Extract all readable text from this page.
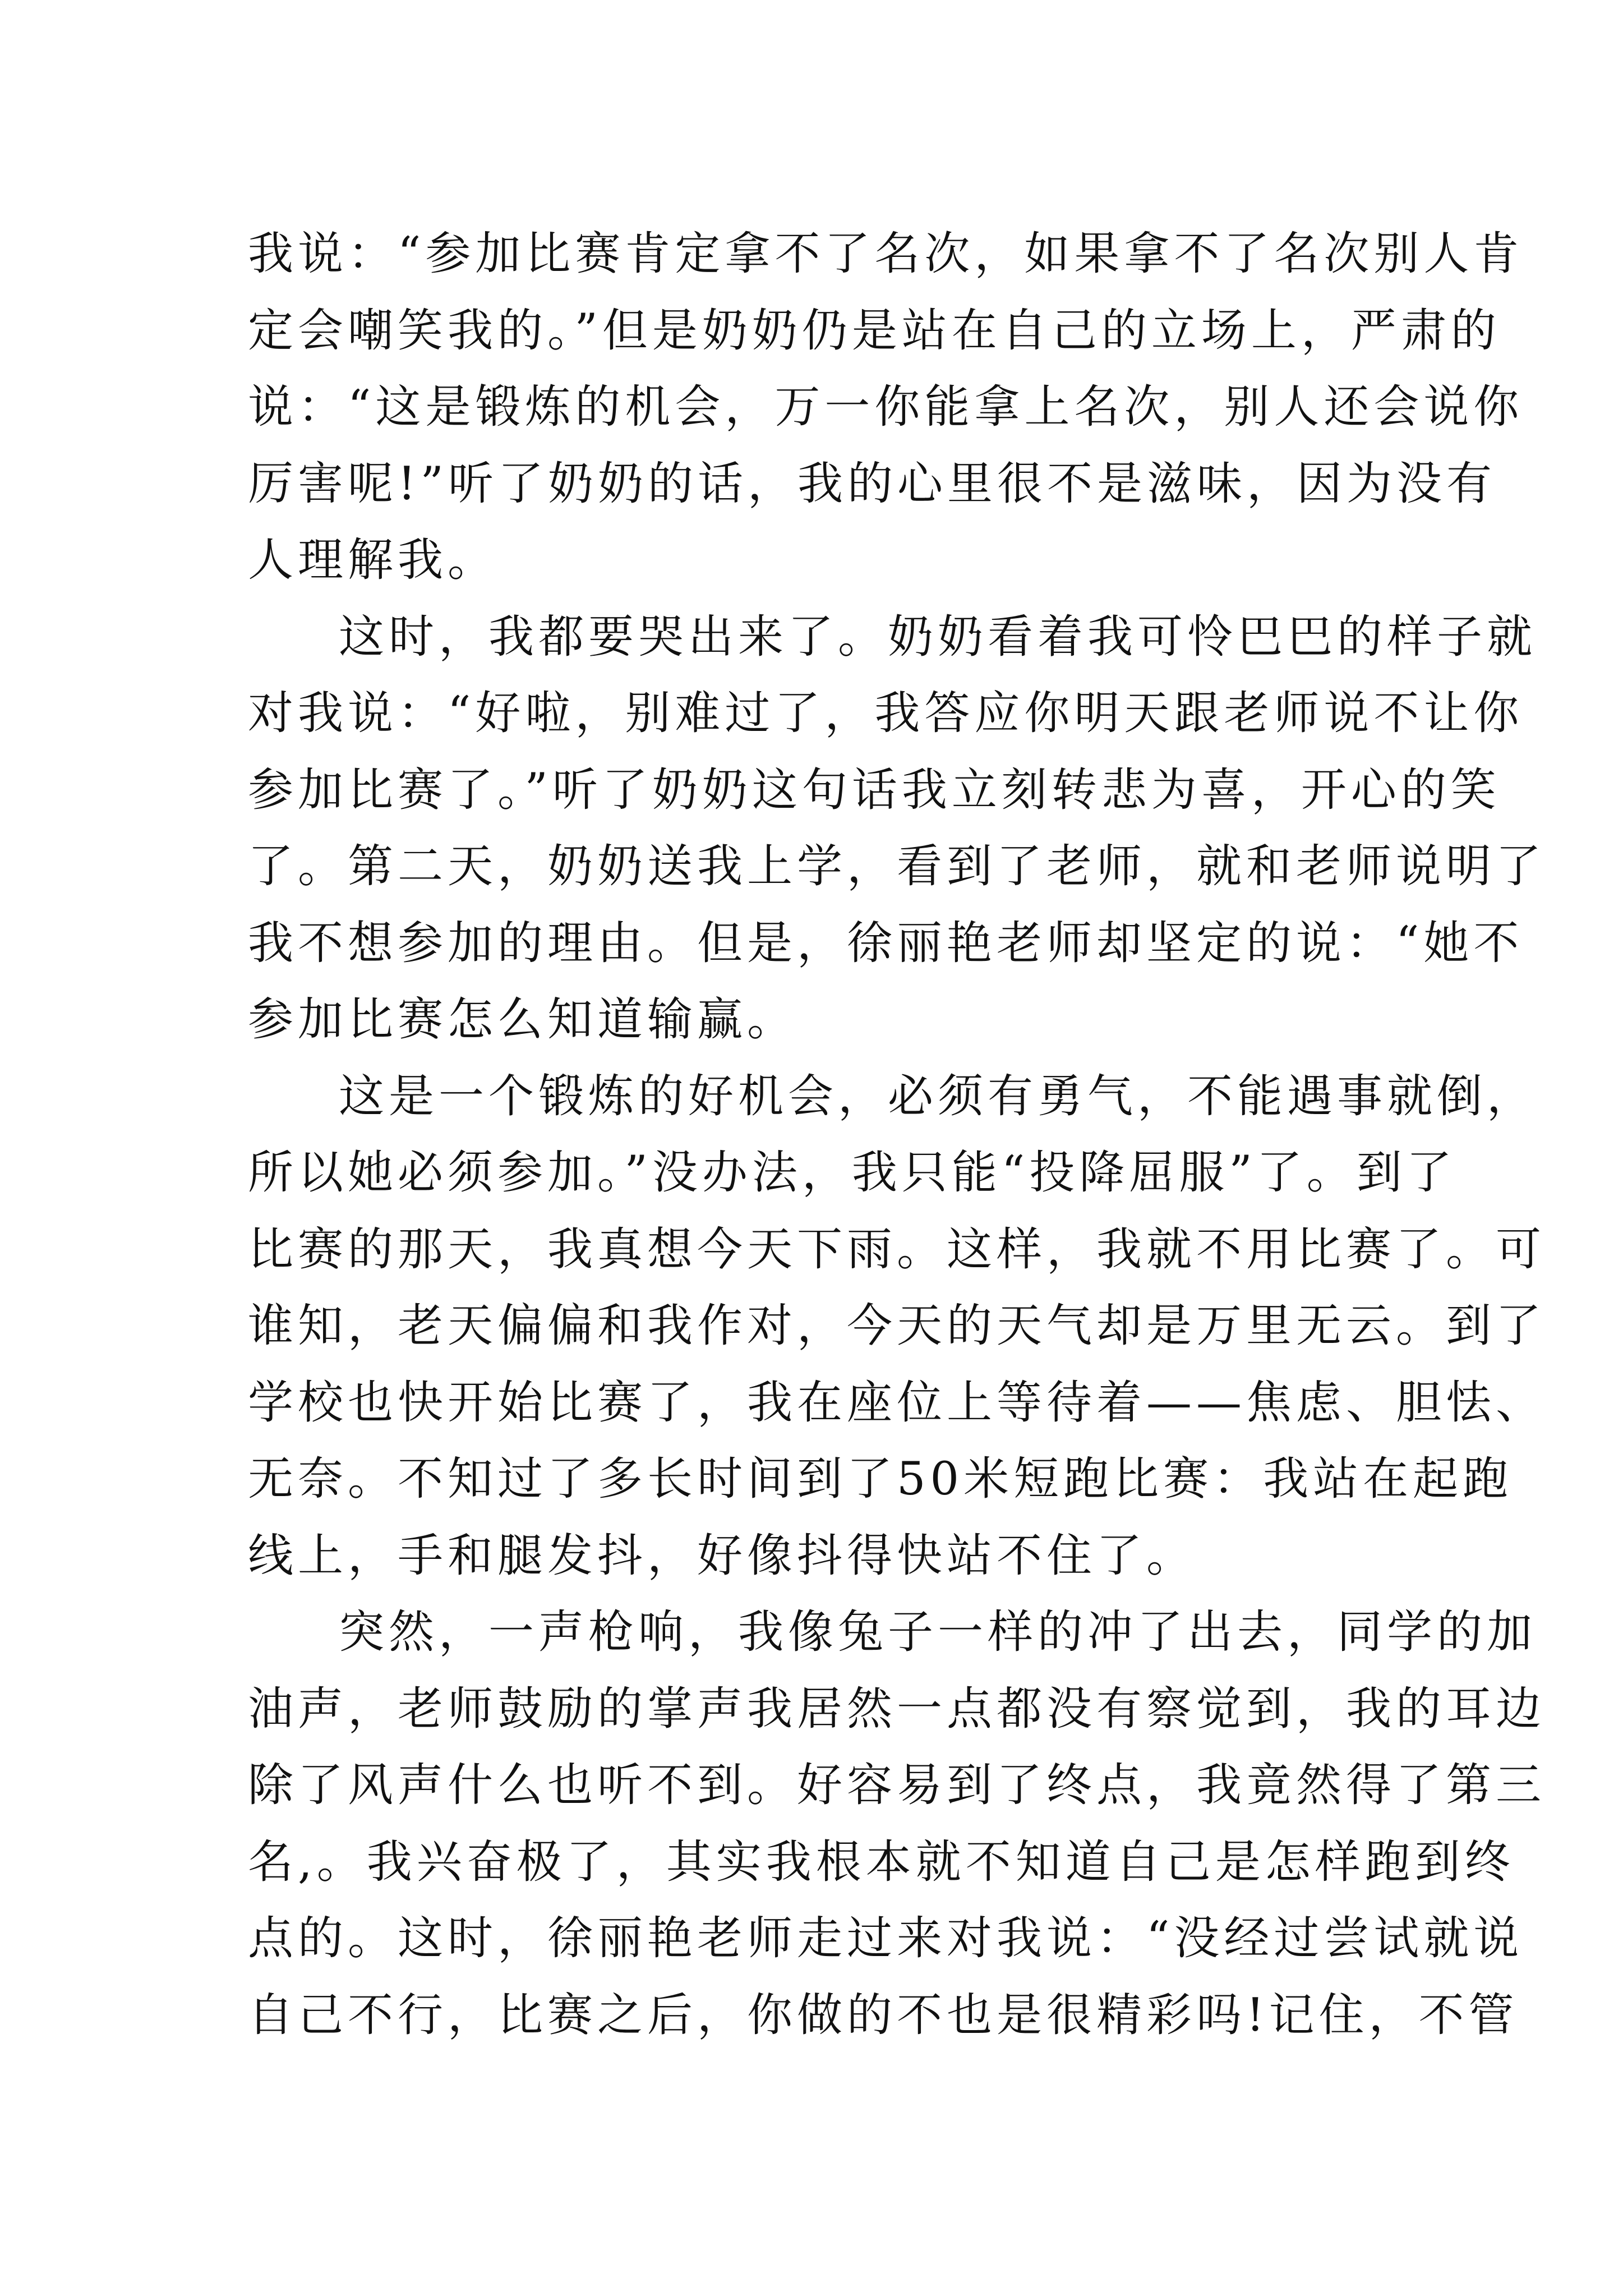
我说：“参加比赛肯定拿不了名次，如果拿不了名次别人肯
定会嘲笑我的。”但是奶奶仍是站在自己的立场上，严肃的
说：“这是锻炼的机会，万一你能拿上名次，别人还会说你
厉害呢!”听了奶奶的话，我的心里很不是滋味，因为没有
人理解我。
这时，我都要哭出来了。奶奶看着我可怜巴巴的样子就
对我说：“好啦，别难过了，我答应你明天跟老师说不让你
参加比赛了。”听了奶奶这句话我立刻转悲为喜，开心的笑
了。第二天，奶奶送我上学，看到了老师，就和老师说明了
我不想参加的理由。但是，徐丽艳老师却坚定的说：“她不
参加比赛怎么知道输赢。
这是一个锻炼的好机会，必须有勇气，不能遇事就倒，
所以她必须参加。”没办法，我只能“投降屈服”了。到了
比赛的那天，我真想今天下雨。这样，我就不用比赛了。可
谁知，老天偏偏和我作对，今天的天气却是万里无云。到了
学校也快开始比赛了，我在座位上等待着——焦虑、胆怯、
无奈。不知过了多长时间到了50米短跑比赛：我站在起跑
线上，手和腿发抖，好像抖得快站不住了。
突然，一声枪响，我像兔子一样的冲了出去，同学的加
油声，老师鼓励的掌声我居然一点都没有察觉到，我的耳边
除了风声什么也听不到。好容易到了终点，我竟然得了第三
名,。我兴奋极了，其实我根本就不知道自己是怎样跑到终
点的。这时，徐丽艳老师走过来对我说：“没经过尝试就说
自己不行，比赛之后，你做的不也是很精彩吗!记住，不管
